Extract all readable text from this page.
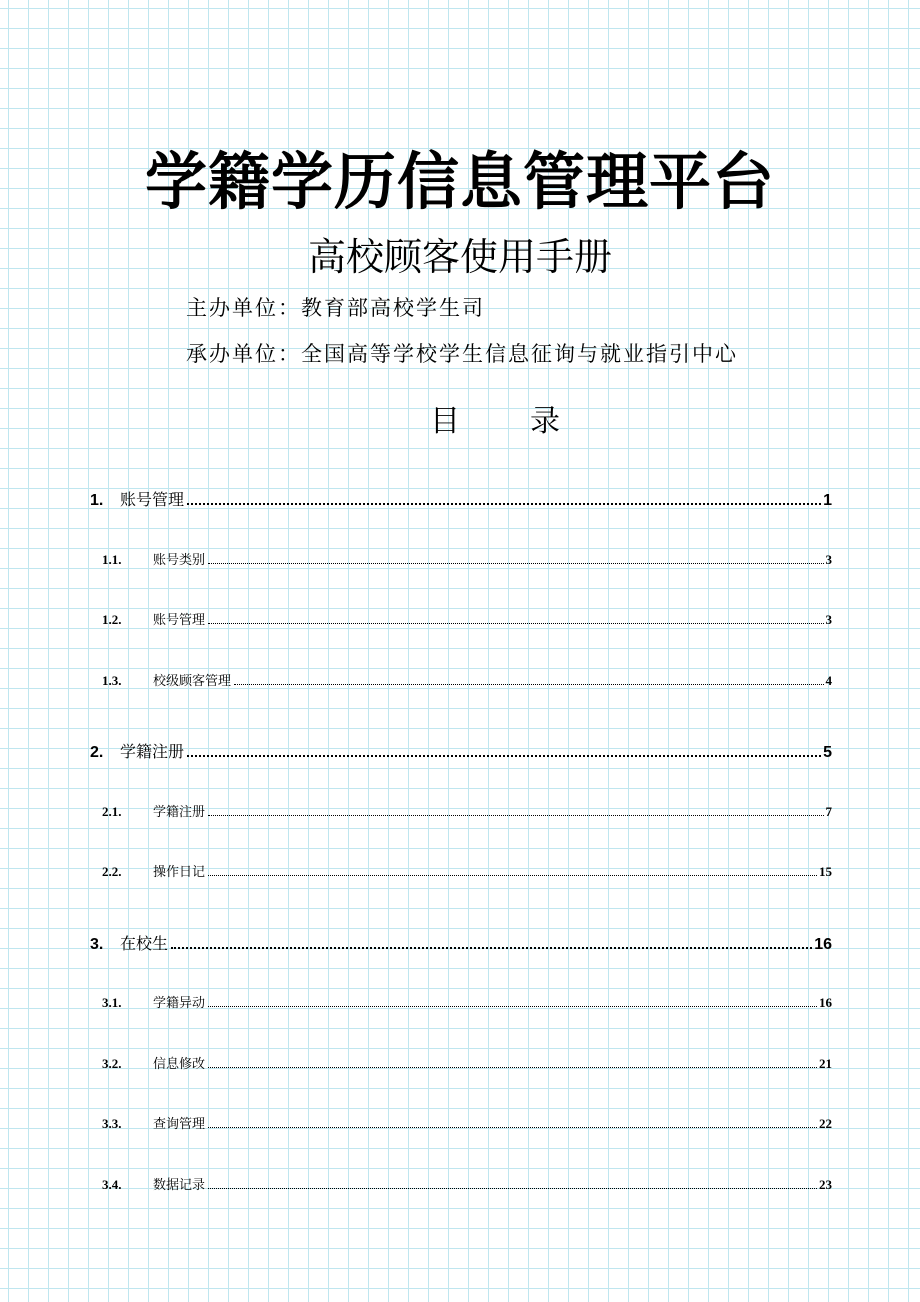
学籍学历信息管理平台
高校顾客使用手册
主办单位：教育部高校学生司
承办单位：全国高等学校学生信息征询与就业指引中心
目 录
1.	账号管理	1
1.1.	账号类别	3
1.2.	账号管理	3
1.3.	校级顾客管理	4
2.	学籍注册	5
2.1.	学籍注册	7
2.2.	操作日记	15
3.	在校生	16
3.1.	学籍异动	16
3.2.	信息修改	21
3.3.	查询管理	22
3.4.	数据记录	23
